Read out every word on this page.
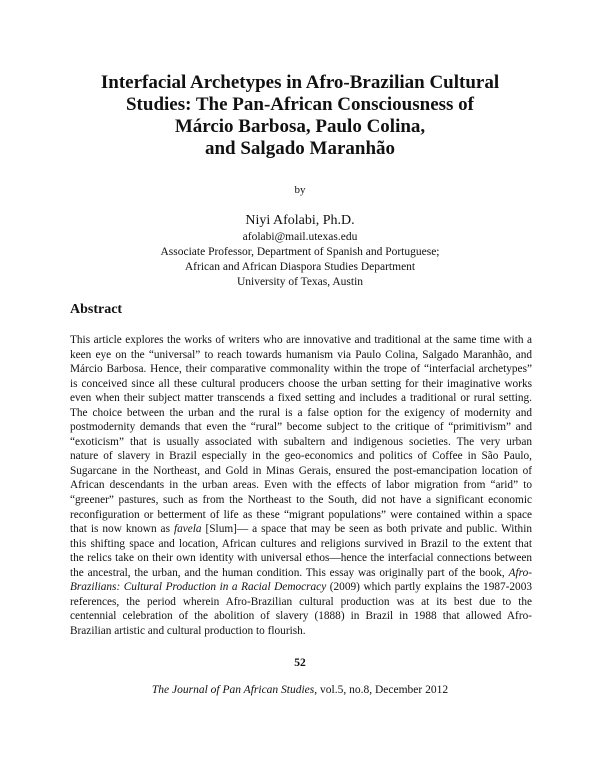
Interfacial Archetypes in Afro-Brazilian Cultural
Studies: The Pan-African Consciousness of
Márcio Barbosa, Paulo Colina,
and Salgado Maranhão
by
Niyi Afolabi, Ph.D.
afolabi@mail.utexas.edu
Associate Professor, Department of Spanish and Portuguese;
African and African Diaspora Studies Department
University of Texas, Austin
Abstract
This article explores the works of writers who are innovative and traditional at the same time with a
keen eye on the “universal” to reach towards humanism via Paulo Colina, Salgado Maranhão, and
Márcio Barbosa. Hence, their comparative commonality within the trope of “interfacial archetypes”
is conceived since all these cultural producers choose the urban setting for their imaginative works
even when their subject matter transcends a fixed setting and includes a traditional or rural setting.
The choice between the urban and the rural is a false option for the exigency of modernity and
postmodernity demands that even the “rural” become subject to the critique of “primitivism” and
“exoticism” that is usually associated with subaltern and indigenous societies. The very urban
nature of slavery in Brazil especially in the geo-economics and politics of Coffee in São Paulo,
Sugarcane in the Northeast, and Gold in Minas Gerais, ensured the post-emancipation location of
African descendants in the urban areas. Even with the effects of labor migration from “arid” to
“greener” pastures, such as from the Northeast to the South, did not have a significant economic
reconfiguration or betterment of life as these “migrant populations” were contained within a space
that is now known as favela [Slum]— a space that may be seen as both private and public. Within
this shifting space and location, African cultures and religions survived in Brazil to the extent that
the relics take on their own identity with universal ethos—hence the interfacial connections between
the ancestral, the urban, and the human condition. This essay was originally part of the book, Afro-
Brazilians: Cultural Production in a Racial Democracy (2009) which partly explains the 1987-2003
references, the period wherein Afro-Brazilian cultural production was at its best due to the
centennial celebration of the abolition of slavery (1888) in Brazil in 1988 that allowed Afro-
Brazilian artistic and cultural production to flourish.
52
The Journal of Pan African Studies, vol.5, no.8, December 2012
